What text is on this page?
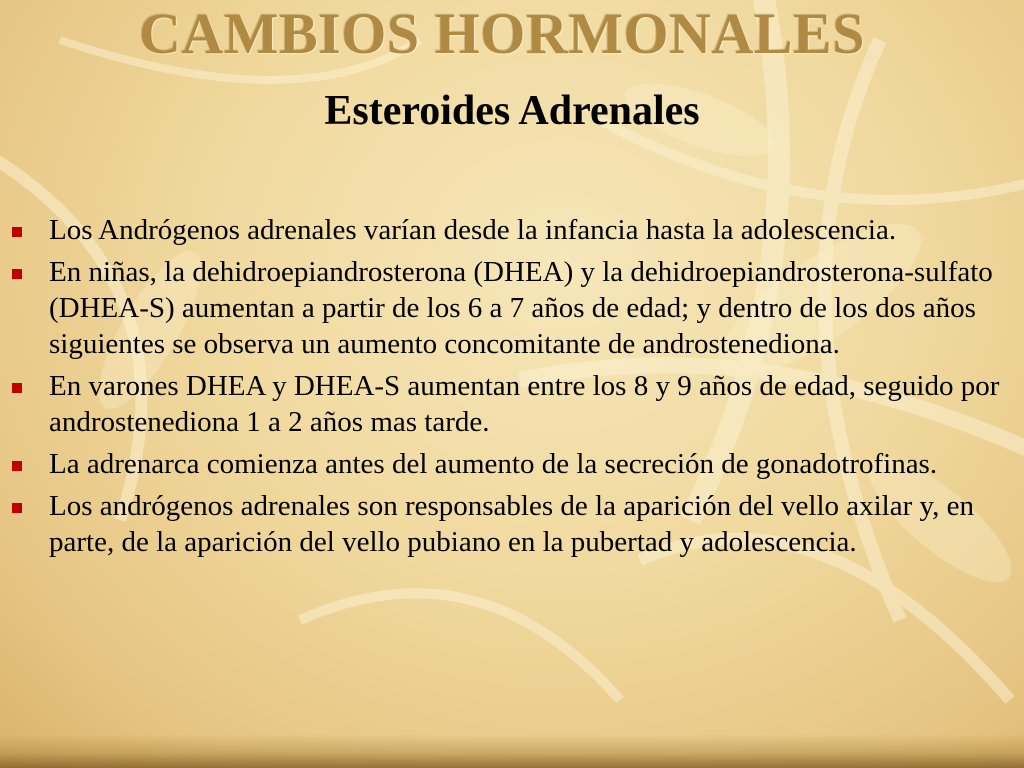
CAMBIOS HORMONALES
Esteroides Adrenales
Los Andrógenos adrenales varían desde la infancia hasta la adolescencia.
En niñas, la dehidroepiandrosterona (DHEA) y la dehidroepiandrosterona-sulfato (DHEA-S) aumentan a partir de los 6 a 7 años de edad; y dentro de los dos años siguientes se observa un aumento concomitante de androstenediona.
En varones DHEA y DHEA-S aumentan entre los 8 y 9 años de edad, seguido por androstenediona 1 a 2 años mas tarde.
La adrenarca comienza antes del aumento de la secreción de gonadotrofinas.
Los andrógenos adrenales son responsables de la aparición del vello axilar y, en parte, de la aparición del vello pubiano en la pubertad y adolescencia.
